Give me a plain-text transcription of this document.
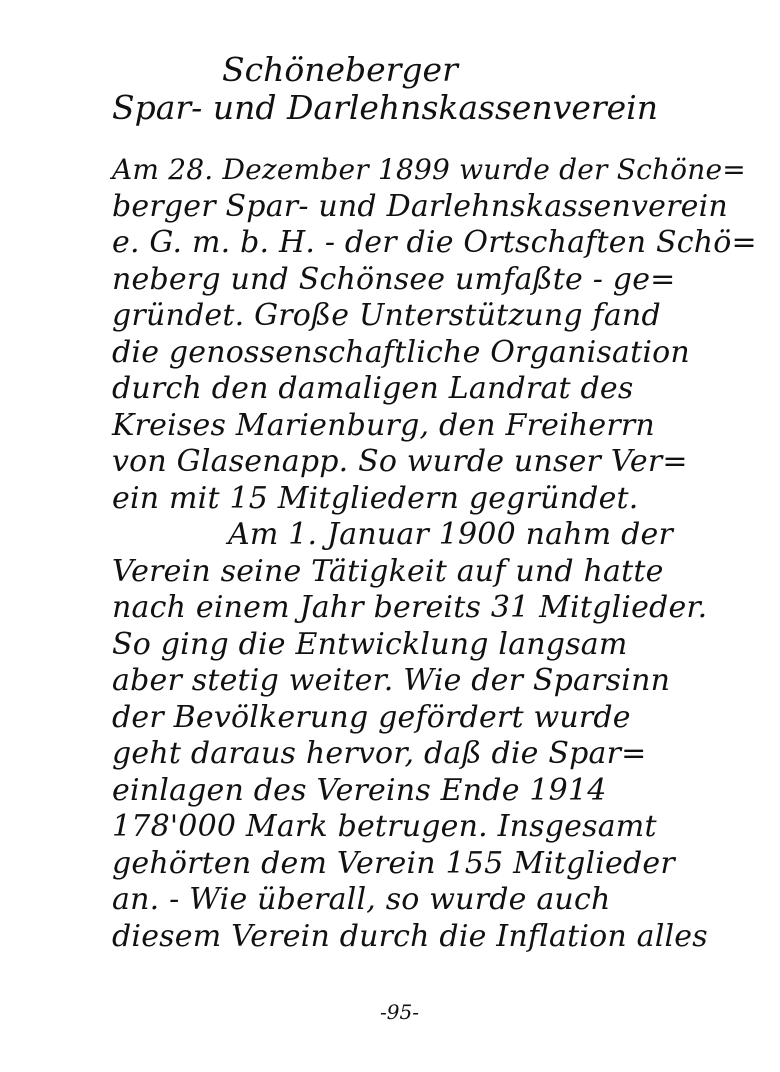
Schöneberger
Spar- und Darlehnskassenverein
Am 28. Dezember 1899 wurde der Schöne=
berger Spar- und Darlehnskassenverein
e. G. m. b. H. - der die Ortschaften Schö=
neberg und Schönsee umfaßte - ge=
gründet. Große Unterstützung fand
die genossenschaftliche Organisation
durch den damaligen Landrat des
Kreises Marienburg, den Freiherrn
von Glasenapp. So wurde unser Ver=
ein mit 15 Mitgliedern gegründet.
Am 1. Januar 1900 nahm der
Verein seine Tätigkeit auf und hatte
nach einem Jahr bereits 31 Mitglieder.
So ging die Entwicklung langsam
aber stetig weiter. Wie der Sparsinn
der Bevölkerung gefördert wurde
geht daraus hervor, daß die Spar=
einlagen des Vereins Ende 1914
178'000 Mark betrugen. Insgesamt
gehörten dem Verein 155 Mitglieder
an. - Wie überall, so wurde auch
diesem Verein durch die Inflation alles
-95-
